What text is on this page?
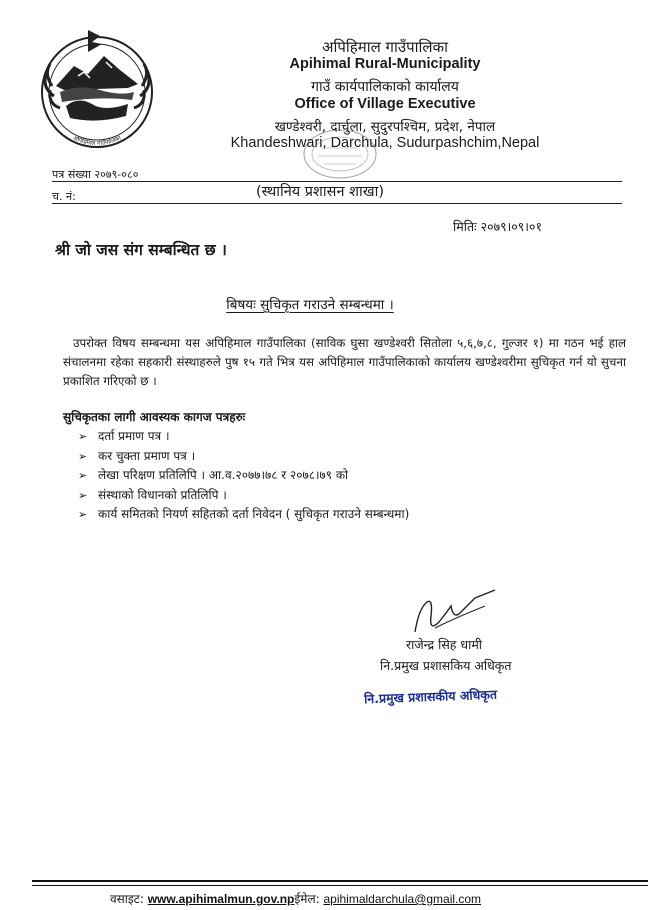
अपिहिमाल गाउँपालिका
अपिहिमाल गाउँपालिका
Apihimal Rural-Municipality
गाउँ कार्यपालिकाको कार्यालय
Office of Village Executive
खण्डेश्वरी, दार्चुला, सुदुरपश्चिम, प्रदेश, नेपाल
Khandeshwari, Darchula, Sudurpashchim,Nepal
पत्र संख्या २०७९-०८०
(स्थानिय प्रशासन शाखा)
च. नं:
मितिः २०७९।०९।०१
श्री जो जस संग सम्बन्धित छ ।
बिषयः सुचिकृत गराउने सम्बन्धमा ।

उपरोक्त विषय सम्बन्धमा यस अपिहिमाल गाउँपालिका (साविक घुसा खण्डेश्वरी सितोला ५,६,७,८, गुल्जर १) मा गठन भई हाल संचालनमा रहेका सहकारी संस्थाहरुले पुष १५ गते भित्र यस अपिहिमाल गाउँपालिकाको कार्यालय खण्डेश्वरीमा सुचिकृत गर्न यो सुचना प्रकाशित गरिएको छ ।

सुचिकृतका लागी आवस्यक कागज पत्रहरुः
➢ दर्ता प्रमाण पत्र ।
➢ कर चुक्ता प्रमाण पत्र ।
➢ लेखा परिक्षण प्रतिलिपि । आ.व.२०७७।७८ र २०७८।७९ को
➢ संस्थाको विधानको प्रतिलिपि ।
➢ कार्य समितको नियर्ण सहितको दर्ता निवेदन ( सुचिकृत गराउने सम्बन्धमा)
राजेन्द्र सिह धामी
नि.प्रमुख प्रशासकिय अधिकृत
नि.प्रमुख प्रशासकीय अधिकृत
वसाइट: www.apihimalmun.gov.npईमेल: apihimaldarchula@gmail.com
